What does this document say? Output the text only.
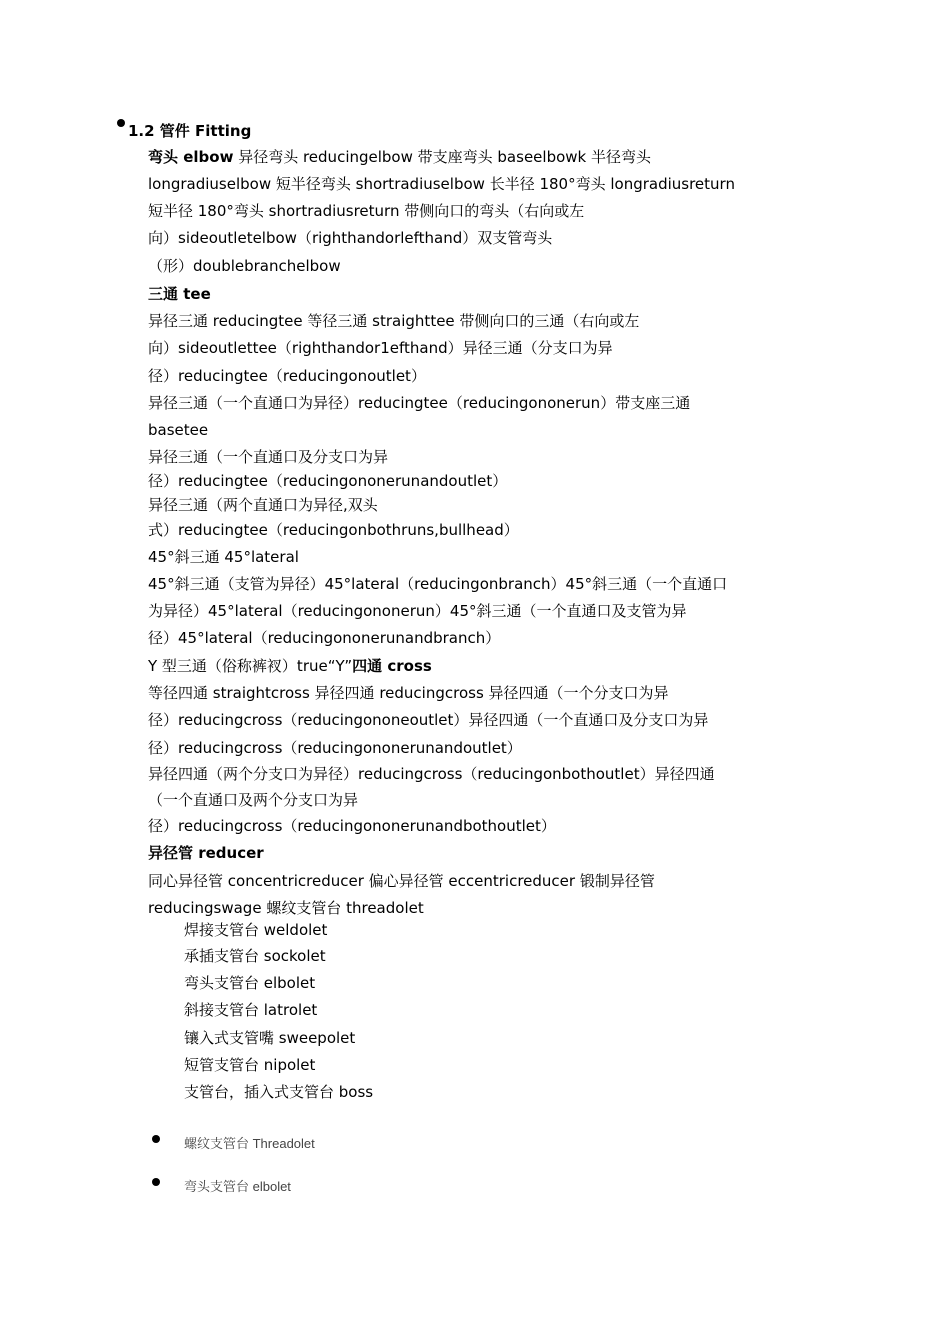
1.2 管件 Fitting
弯头 elbow 异径弯头 reducingelbow 带支座弯头 baseelbowk 半径弯头
longradiuselbow 短半径弯头 shortradiuselbow 长半径 180°弯头 longradiusreturn
短半径 180°弯头 shortradiusreturn 带侧向口的弯头（右向或左
向）sideoutletelbow（righthandorlefthand）双支管弯头
（形）doublebranchelbow
三通 tee
异径三通 reducingtee 等径三通 straighttee 带侧向口的三通（右向或左
向）sideoutlettee（righthandor1efthand）异径三通（分支口为异
径）reducingtee（reducingonoutlet）
异径三通（一个直通口为异径）reducingtee（reducingononerun）带支座三通
basetee
异径三通（一个直通口及分支口为异
径）reducingtee（reducingononerunandoutlet）
异径三通（两个直通口为异径,双头
式）reducingtee（reducingonbothruns,bullhead）
45°斜三通 45°lateral
45°斜三通（支管为异径）45°lateral（reducingonbranch）45°斜三通（一个直通口
为异径）45°lateral（reducingononerun）45°斜三通（一个直通口及支管为异
径）45°lateral（reducingononerunandbranch）
Y 型三通（俗称裤衩）true“Y”四通 cross
等径四通 straightcross 异径四通 reducingcross 异径四通（一个分支口为异
径）reducingcross（reducingononeoutlet）异径四通（一个直通口及分支口为异
径）reducingcross（reducingononerunandoutlet）
异径四通（两个分支口为异径）reducingcross（reducingonbothoutlet）异径四通
（一个直通口及两个分支口为异
径）reducingcross（reducingononerunandbothoutlet）
异径管 reducer
同心异径管 concentricreducer 偏心异径管 eccentricreducer 锻制异径管
reducingswage 螺纹支管台 threadolet
焊接支管台 weldolet
承插支管台 sockolet
弯头支管台 elbolet
斜接支管台 latrolet
镶入式支管嘴 sweepolet
短管支管台 nipolet
支管台，插入式支管台 boss
螺纹支管台 Threadolet
弯头支管台 elbolet
